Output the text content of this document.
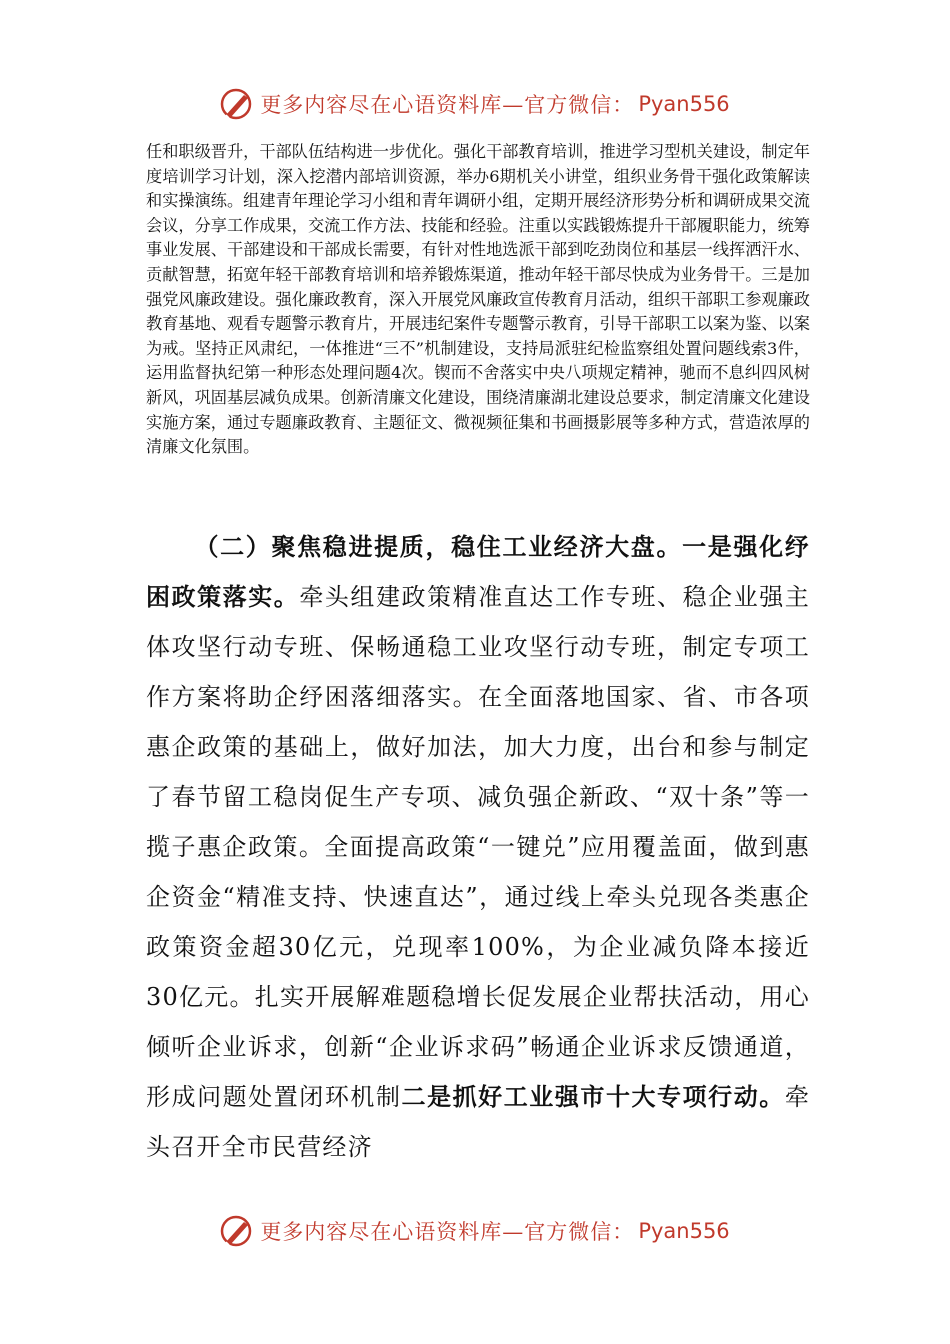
更多内容尽在心语资料库—官方微信： Pyan556

任和职级晋升，干部队伍结构进一步优化。强化干部教育培训，推进学习型机关建设，制定年度培训学习计划，深入挖潜内部培训资源，举办6期机关小讲堂，组织业务骨干强化政策解读和实操演练。组建青年理论学习小组和青年调研小组，定期开展经济形势分析和调研成果交流会议，分享工作成果，交流工作方法、技能和经验。注重以实践锻炼提升干部履职能力，统筹事业发展、干部建设和干部成长需要，有针对性地选派干部到吃劲岗位和基层一线挥洒汗水、贡献智慧，拓宽年轻干部教育培训和培养锻炼渠道，推动年轻干部尽快成为业务骨干。三是加强党风廉政建设。强化廉政教育，深入开展党风廉政宣传教育月活动，组织干部职工参观廉政教育基地、观看专题警示教育片，开展违纪案件专题警示教育，引导干部职工以案为鉴、以案为戒。坚持正风肃纪，一体推进“三不”机制建设，支持局派驻纪检监察组处置问题线索3件，运用监督执纪第一种形态处理问题4次。锲而不舍落实中央八项规定精神，驰而不息纠四风树新风，巩固基层减负成果。创新清廉文化建设，围绕清廉湖北建设总要求，制定清廉文化建设实施方案，通过专题廉政教育、主题征文、微视频征集和书画摄影展等多种方式，营造浓厚的清廉文化氛围。

（二）聚焦稳进提质，稳住工业经济大盘。一是强化纾困政策落实。牵头组建政策精准直达工作专班、稳企业强主体攻坚行动专班、保畅通稳工业攻坚行动专班，制定专项工作方案将助企纾困落细落实。在全面落地国家、省、市各项惠企政策的基础上，做好加法，加大力度，出台和参与制定了春节留工稳岗促生产专项、减负强企新政、“双十条”等一揽子惠企政策。全面提高政策“一键兑”应用覆盖面，做到惠企资金“精准支持、快速直达”，通过线上牵头兑现各类惠企政策资金超30亿元，兑现率100%，为企业减负降本接近30亿元。扎实开展解难题稳增长促发展企业帮扶活动，用心倾听企业诉求，创新“企业诉求码”畅通企业诉求反馈通道，形成问题处置闭环机制二是抓好工业强市十大专项行动。牵头召开全市民营经济

更多内容尽在心语资料库—官方微信： Pyan556
